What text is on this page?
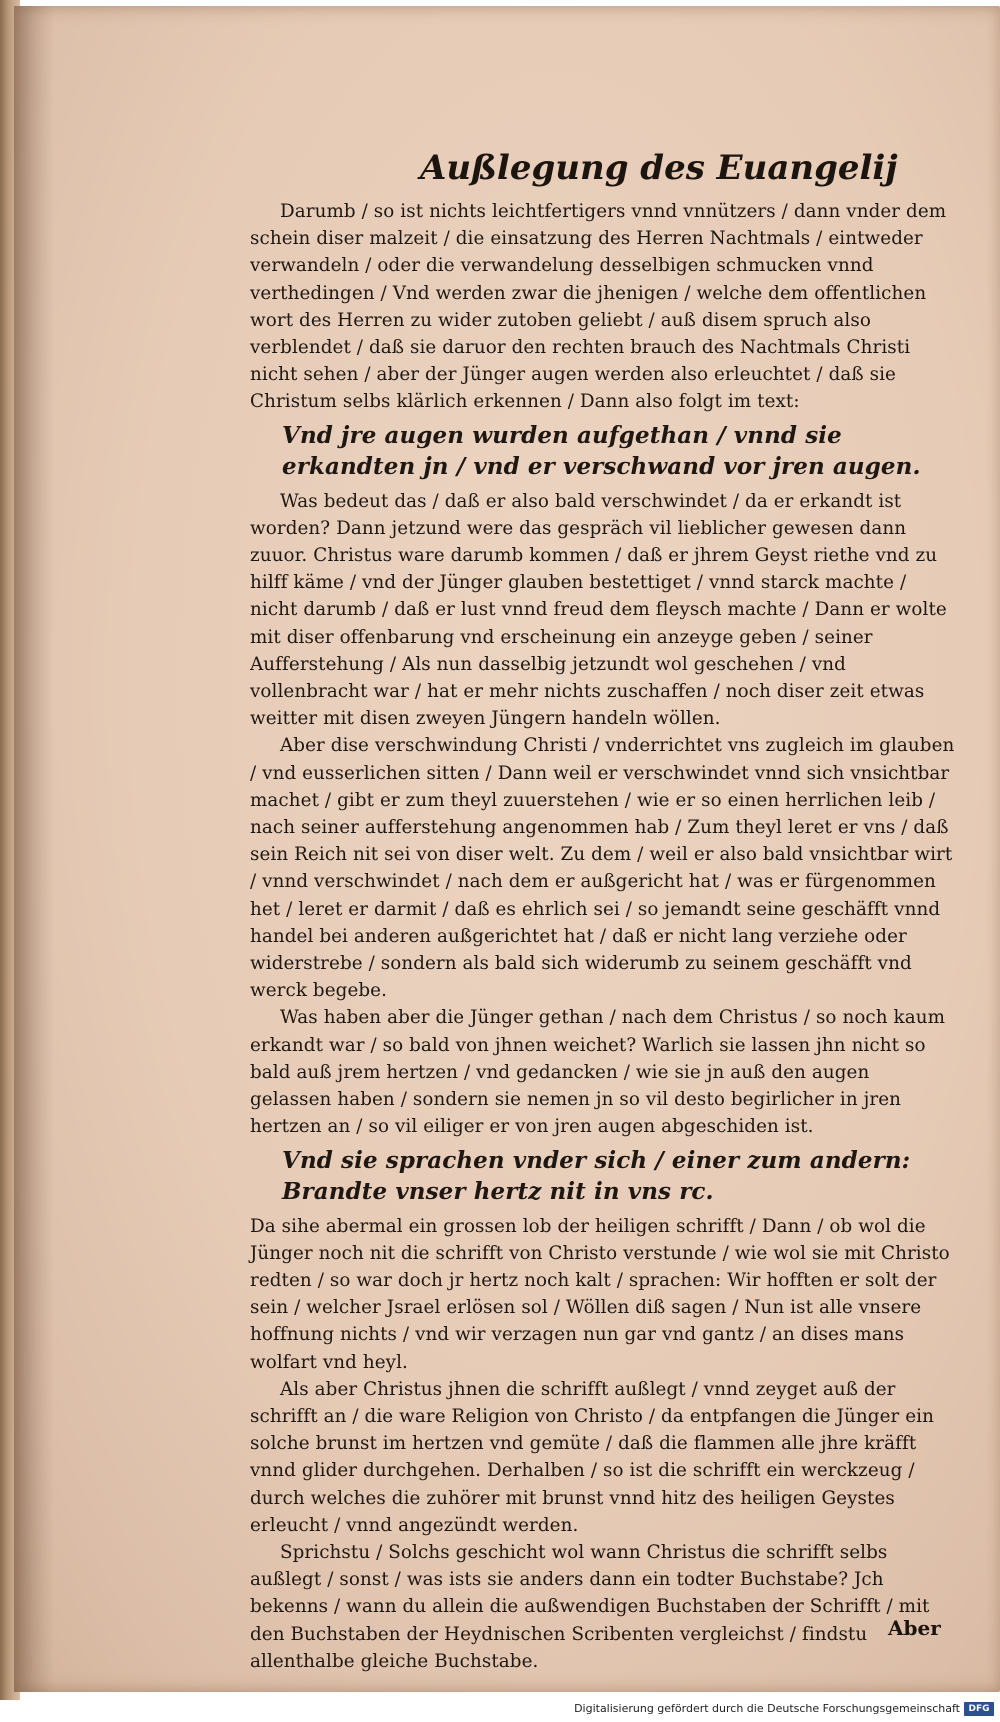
Außlegung des Euangelij

Darumb / so ist nichts leichtfertigers vnnd vnnützers / dann vnder dem schein diser malzeit / die einsatzung des Herren Nachtmals / eintweder verwandeln / oder die verwandelung desselbigen schmucken vnnd verthedingen / Vnd werden zwar die jhenigen / welche dem offentlichen wort des Herren zu wider zutoben geliebt / auß disem spruch also verblendet / daß sie daruor den rechten brauch des Nachtmals Christi nicht sehen / aber der Jünger augen werden also erleuchtet / daß sie Christum selbs klärlich erkennen / Dann also folgt im text:

Vnd jre augen wurden aufgethan / vnnd sie erkandten jn / vnd er verschwand vor jren augen.

Was bedeut das / daß er also bald verschwindet / da er erkandt ist worden? Dann jetzund were das gespräch vil lieblicher gewesen dann zuuor. Christus ware darumb kommen / daß er jhrem Geyst riethe vnd zu hilff käme / vnd der Jünger glauben bestettiget / vnnd starck machte / nicht darumb / daß er lust vnnd freud dem fleysch machte / Dann er wolte mit diser offenbarung vnd erscheinung ein anzeyge geben / seiner Aufferstehung / Als nun dasselbig jetzundt wol geschehen / vnd vollenbracht war / hat er mehr nichts zuschaffen / noch diser zeit etwas weitter mit disen zweyen Jüngern handeln wöllen.

Aber dise verschwindung Christi / vnderrichtet vns zugleich im glauben / vnd eusserlichen sitten / Dann weil er verschwindet vnnd sich vnsichtbar machet / gibt er zum theyl zuuerstehen / wie er so einen herrlichen leib / nach seiner aufferstehung angenommen hab / Zum theyl leret er vns / daß sein Reich nit sei von diser welt. Zu dem / weil er also bald vnsichtbar wirt / vnnd verschwindet / nach dem er außgericht hat / was er fürgenommen het / leret er darmit / daß es ehrlich sei / so jemandt seine geschäfft vnnd handel bei anderen außgerichtet hat / daß er nicht lang verziehe oder widerstrebe / sondern als bald sich widerumb zu seinem geschäfft vnd werck begebe.

Was haben aber die Jünger gethan / nach dem Christus / so noch kaum erkandt war / so bald von jhnen weichet? Warlich sie lassen jhn nicht so bald auß jrem hertzen / vnd gedancken / wie sie jn auß den augen gelassen haben / sondern sie nemen jn so vil desto begirlicher in jren hertzen an / so vil eiliger er von jren augen abgeschiden ist.

Vnd sie sprachen vnder sich / einer zum andern: Brandte vnser hertz nit in vns rc.

Da sihe abermal ein grossen lob der heiligen schrifft / Dann / ob wol die Jünger noch nit die schrifft von Christo verstunde / wie wol sie mit Christo redten / so war doch jr hertz noch kalt / sprachen: Wir hofften er solt der sein / welcher Jsrael erlösen sol / Wöllen diß sagen / Nun ist alle vnsere hoffnung nichts / vnd wir verzagen nun gar vnd gantz / an dises mans wolfart vnd heyl.

Als aber Christus jhnen die schrifft außlegt / vnnd zeyget auß der schrifft an / die ware Religion von Christo / da entpfangen die Jünger ein solche brunst im hertzen vnd gemüte / daß die flammen alle jhre kräfft vnnd glider durchgehen. Derhalben / so ist die schrifft ein werckzeug / durch welches die zuhörer mit brunst vnnd hitz des heiligen Geystes erleucht / vnnd angezündt werden.

Sprichstu / Solchs geschicht wol wann Christus die schrifft selbs außlegt / sonst / was ists sie anders dann ein todter Buchstabe? Jch bekenns / wann du allein die außwendigen Buchstaben der Schrifft / mit den Buchstaben der Heydnischen Scribenten vergleichst / findstu allenthalbe gleiche Buchstabe.

Aber
Digitalisierung gefördert durch die Deutsche Forschungsgemeinschaft DFG
